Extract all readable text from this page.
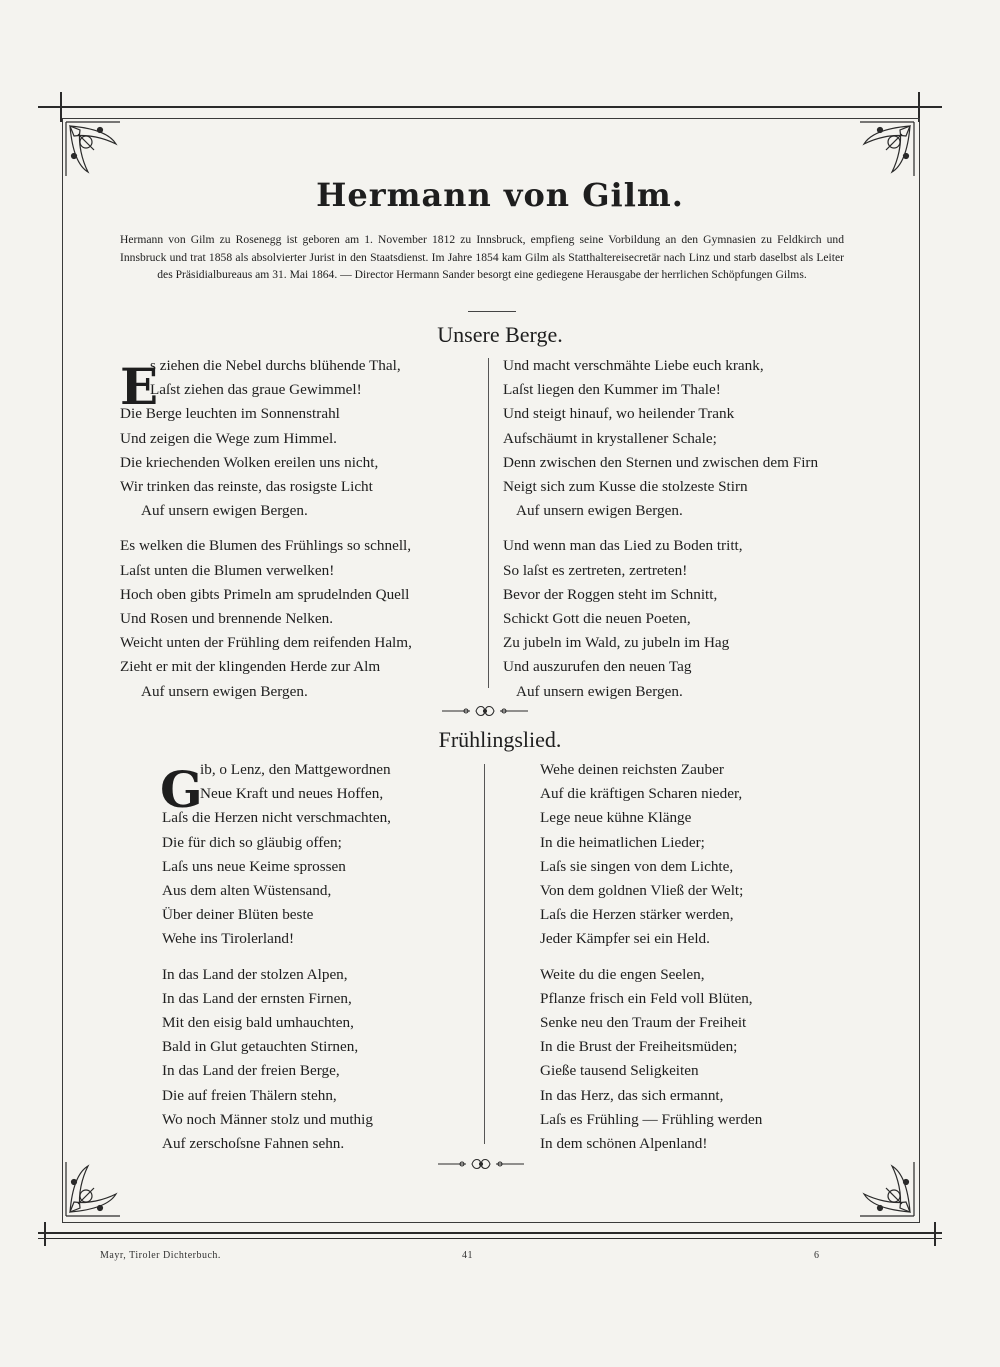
Hermann von Gilm.
Hermann von Gilm zu Rosenegg ist geboren am 1. November 1812 zu Innsbruck, empfieng seine Vorbildung an den Gymnasien zu Feldkirch und Innsbruck und trat 1858 als absolvierter Jurist in den Staatsdienst. Im Jahre 1854 kam Gilm als Statthaltereisecretär nach Linz und starb daselbst als Leiter des Präsidialbureaus am 31. Mai 1864. — Director Hermann Sander besorgt eine gediegene Herausgabe der herrlichen Schöpfungen Gilms.
Unsere Berge.
E

s ziehen die Nebel durchs blühende Thal,

Laſst ziehen das graue Gewimmel!

Die Berge leuchten im Sonnenstrahl

Und zeigen die Wege zum Himmel.

Die kriechenden Wolken ereilen uns nicht,

Wir trinken das reinste, das rosigste Licht

Auf unsern ewigen Bergen.

Es welken die Blumen des Frühlings so schnell,

Laſst unten die Blumen verwelken!

Hoch oben gibts Primeln am sprudelnden Quell

Und Rosen und brennende Nelken.

Weicht unten der Frühling dem reifenden Halm,

Zieht er mit der klingenden Herde zur Alm

Auf unsern ewigen Bergen.

Und macht verschmähte Liebe euch krank,

Laſst liegen den Kummer im Thale!

Und steigt hinauf, wo heilender Trank

Aufschäumt in krystallener Schale;

Denn zwischen den Sternen und zwischen dem Firn

Neigt sich zum Kusse die stolzeste Stirn

Auf unsern ewigen Bergen.

Und wenn man das Lied zu Boden tritt,

So laſst es zertreten, zertreten!

Bevor der Roggen steht im Schnitt,

Schickt Gott die neuen Poeten,

Zu jubeln im Wald, zu jubeln im Hag

Und auszurufen den neuen Tag

Auf unsern ewigen Bergen.

Frühlingslied.
G

ib, o Lenz, den Mattgewordnen

Neue Kraft und neues Hoffen,

Laſs die Herzen nicht verschmachten,

Die für dich so gläubig offen;

Laſs uns neue Keime sprossen

Aus dem alten Wüstensand,

Über deiner Blüten beste

Wehe ins Tirolerland!

In das Land der stolzen Alpen,

In das Land der ernsten Firnen,

Mit den eisig bald umhauchten,

Bald in Glut getauchten Stirnen,

In das Land der freien Berge,

Die auf freien Thälern stehn,

Wo noch Männer stolz und muthig

Auf zerschoſsne Fahnen sehn.

Wehe deinen reichsten Zauber

Auf die kräftigen Scharen nieder,

Lege neue kühne Klänge

In die heimatlichen Lieder;

Laſs sie singen von dem Lichte,

Von dem goldnen Vließ der Welt;

Laſs die Herzen stärker werden,

Jeder Kämpfer sei ein Held.

Weite du die engen Seelen,

Pflanze frisch ein Feld voll Blüten,

Senke neu den Traum der Freiheit

In die Brust der Freiheitsmüden;

Gieße tausend Seligkeiten

In das Herz, das sich ermannt,

Laſs es Frühling — Frühling werden

In dem schönen Alpenland!

Mayr, Tiroler Dichterbuch.	41	6
